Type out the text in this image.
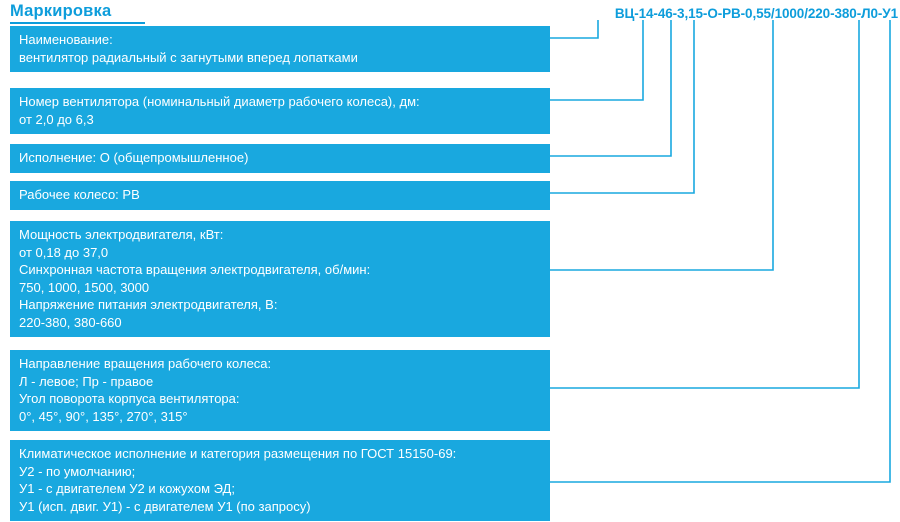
Маркировка	ВЦ-14-46-3,15-О-РВ-0,55/1000/220-380-Л0-У1
Наименование:
вентилятор радиальный с загнутыми вперед лопатками
Номер вентилятора (номинальный диаметр рабочего колеса), дм:
от 2,0 до 6,3
Исполнение: О (общепромышленное)
Рабочее колесо: РВ
Мощность электродвигателя, кВт:
от 0,18 до 37,0
Синхронная частота вращения электродвигателя, об/мин:
750, 1000, 1500, 3000
Напряжение питания электродвигателя, В:
220-380, 380-660
Направление вращения рабочего колеса:
Л - левое; Пр - правое
Угол поворота корпуса вентилятора:
0°, 45°, 90°, 135°, 270°, 315°
Климатическое исполнение и категория размещения по ГОСТ 15150-69:
У2 - по умолчанию;
У1 - с двигателем У2 и кожухом ЭД;
У1 (исп. двиг. У1) - с двигателем У1 (по запросу)
